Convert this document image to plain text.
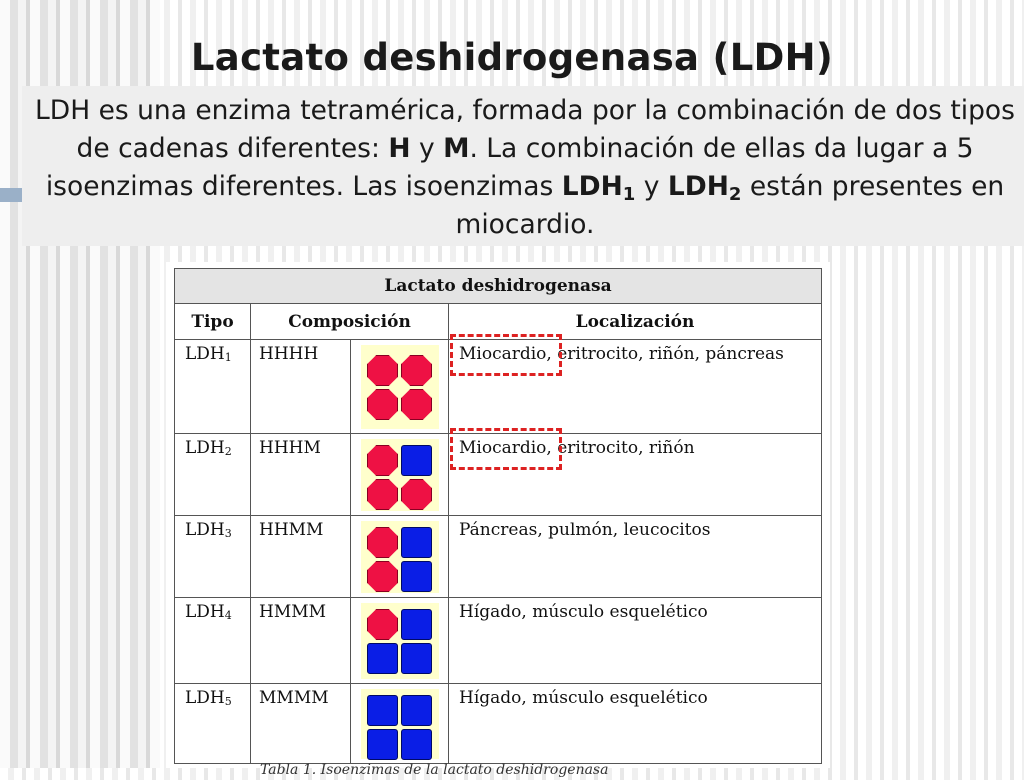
Lactato deshidrogenasa (LDH)

LDH es una enzima tetramérica, formada por la combinación de dos tipos de cadenas diferentes: H y M. La combinación de ellas da lugar a 5 isoenzimas diferentes. Las isoenzimas $LDH_1$ y $LDH_2$ están presentes en miocardio.

Lactato deshidrogenasa			
Tipo	Composición		Localización
$LDH_1$	HHHH		Miocardio, eritrocito, riñón, páncreas
$LDH_2$	HHHM		Miocardio, eritrocito, riñón
$LDH_3$	HHMM		Páncreas, pulmón, leucocitos
$LDH_4$	HMMM		Hígado, músculo esquelético
$LDH_5$	MMMM		Hígado, músculo esquelético
Tabla 1. Isoenzimas de la lactato deshidrogenasa
